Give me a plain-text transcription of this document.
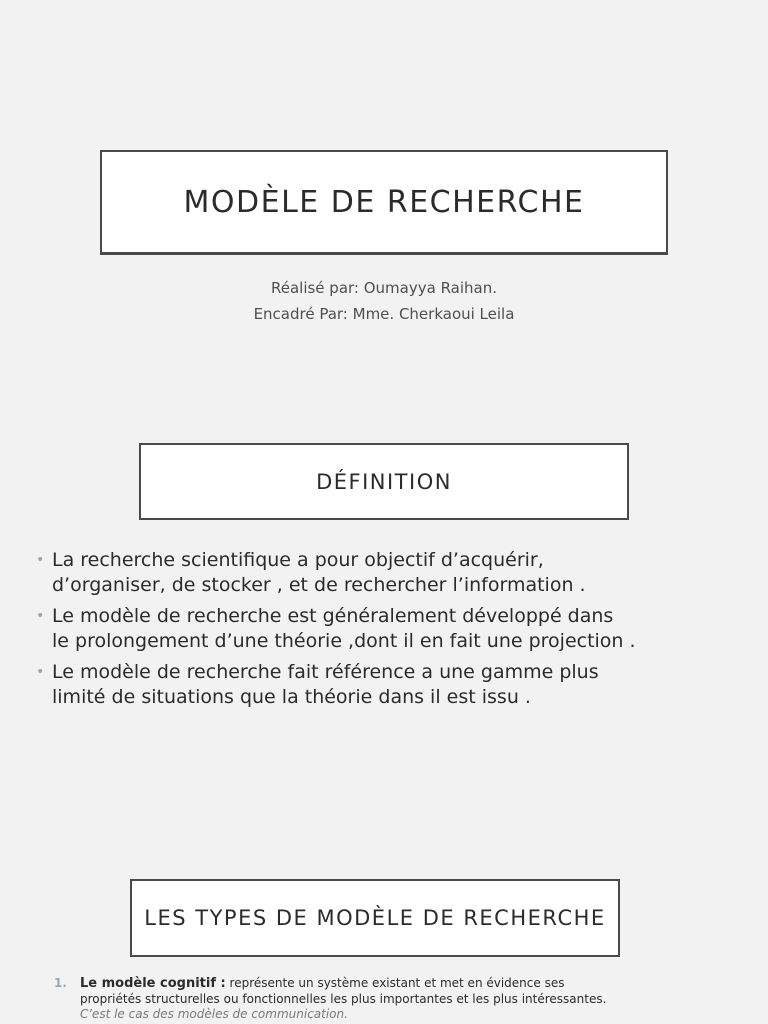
MODÈLE DE RECHERCHE
Réalisé par: Oumayya Raihan.
Encadré Par: Mme. Cherkaoui Leila
DÉFINITION
• La recherche scientifique a pour objectif d’acquérir, d’organiser, de stocker , et de rechercher l’information .
• Le modèle de recherche est généralement développé dans le prolongement d’une théorie ,dont il en fait une projection .
• Le modèle de recherche fait référence a une gamme plus limité de situations que la théorie dans il est issu .
LES TYPES DE MODÈLE DE RECHERCHE
1. Le modèle cognitif : représente un système existant et met en évidence ses propriétés structurelles ou fonctionnelles les plus importantes et les plus intéressantes. C’est le cas des modèles de communication.
